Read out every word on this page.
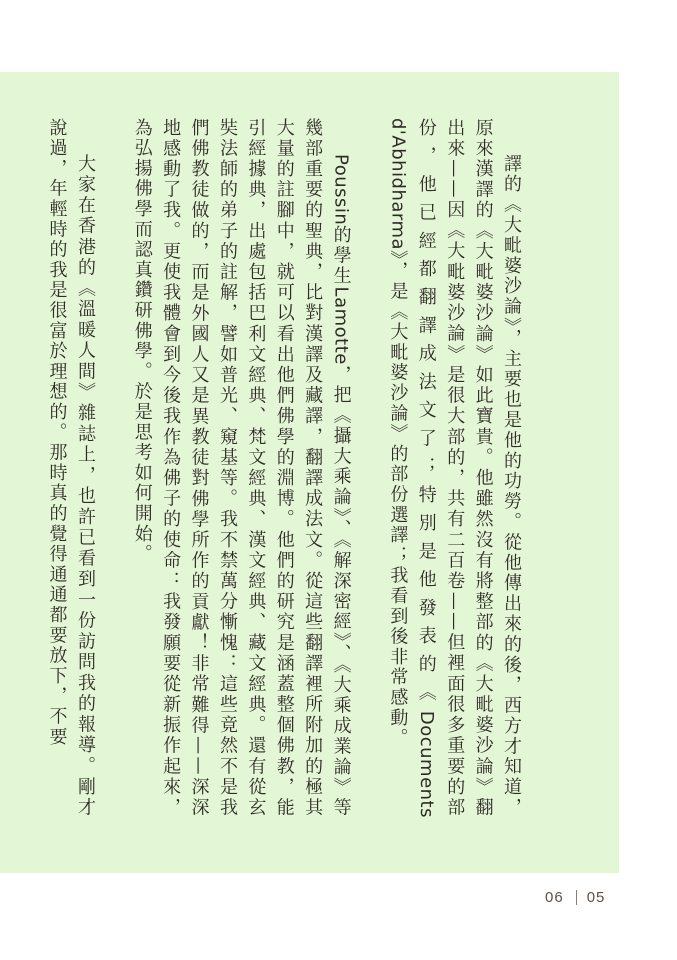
譯的《大毗婆沙論》，主要也是他的功勞。從他傳出來的後，西方才知道，原來漢譯的《大毗婆沙論》如此寶貴。他雖然沒有將整部的《大毗婆沙論》翻出來——因《大毗婆沙論》是很大部的，共有二百卷——但裡面很多重要的部份，他已經都翻譯成法文了；特別是他發表的《Documents d'Abhidharma》，是《大毗婆沙論》的部份選譯；我看到後非常感動。

Poussin的學生Lamotte，把《攝大乘論》、《解深密經》、《大乘成業論》等幾部重要的聖典，比對漢譯及藏譯，翻譯成法文。從這些翻譯裡所附加的極其大量的註腳中，就可以看出他們佛學的淵博。他們的研究是涵蓋整個佛教，能引經據典，出處包括巴利文經典、梵文經典、漢文經典、藏文經典。還有從玄奘法師的弟子的註解，譬如普光、窺基等。我不禁萬分慚愧：這些竟然不是我們佛教徒做的，而是外國人又是異教徒對佛學所作的貢獻！非常難得——深深地感動了我。更使我體會到今後我作為佛子的使命：我發願要從新振作起來，為弘揚佛學而認真鑽研佛學。於是思考如何開始。

大家在香港的《溫暖人間》雜誌上，也許已看到一份訪問我的報導。剛才說過，年輕時的我是很富於理想的。那時真的覺得通通都要放下，不要

06 05
